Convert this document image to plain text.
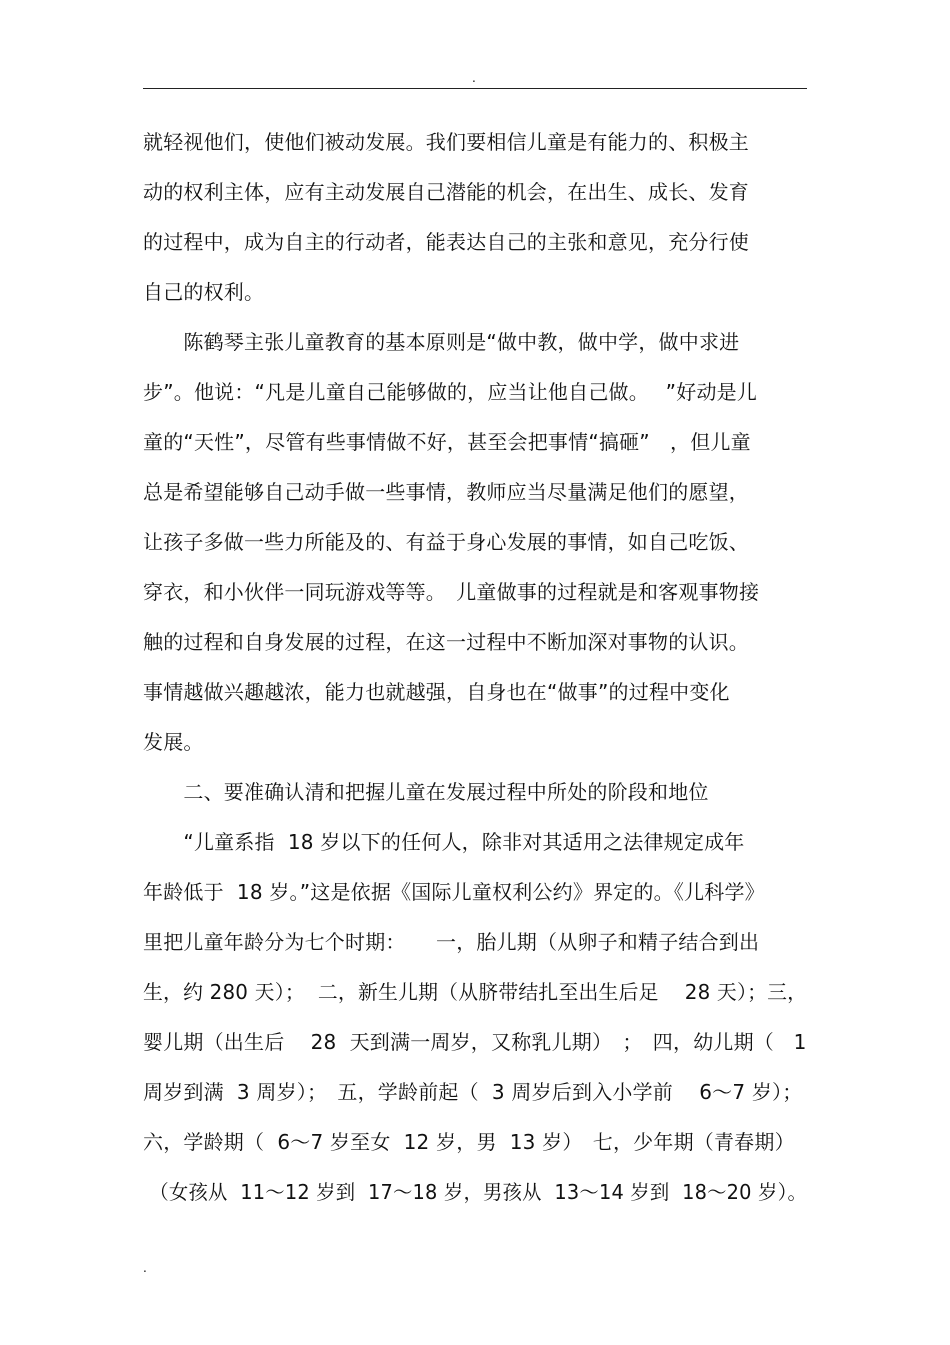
.
就轻视他们，使他们被动发展。我们要相信儿童是有能力的、积极主
动的权利主体，应有主动发展自己潜能的机会，在出生、成长、发育
的过程中，成为自主的行动者，能表达自己的主张和意见，充分行使
自己的权利。
　　陈鹤琴主张儿童教育的基本原则是“做中教，做中学，做中求进
步”。他说：“凡是儿童自己能够做的，应当让他自己做。　 ”好动是儿
童的“天性”，尽管有些事情做不好，甚至会把事情“搞砸”　，但儿童
总是希望能够自己动手做一些事情，教师应当尽量满足他们的愿望，
让孩子多做一些力所能及的、有益于身心发展的事情，如自己吃饭、
穿衣，和小伙伴一同玩游戏等等。　儿童做事的过程就是和客观事物接
触的过程和自身发展的过程，在这一过程中不断加深对事物的认识。
事情越做兴趣越浓，能力也就越强，自身也在“做事”的过程中变化
发展。
　　二、要准确认清和把握儿童在发展过程中所处的阶段和地位
　　“儿童系指  18 岁以下的任何人，除非对其适用之法律规定成年
年龄低于  18 岁。”这是依据《国际儿童权利公约》界定的。《儿科学》
里把儿童年龄分为七个时期：　　一，胎儿期（从卵子和精子结合到出
生，约 280 天）；  二，新生儿期（从脐带结扎至出生后足    28 天）；三，
婴儿期（出生后    28  天到满一周岁，又称乳儿期）　；　四，幼儿期（   1
周岁到满  3 周岁）；　五，学龄前起（  3 周岁后到入小学前    6～7 岁）；
六，学龄期（  6～7 岁至女  12 岁，男  13 岁）　七，少年期（青春期）
（女孩从  11～12 岁到  17～18 岁，男孩从  13～14 岁到  18～20 岁）。
.
